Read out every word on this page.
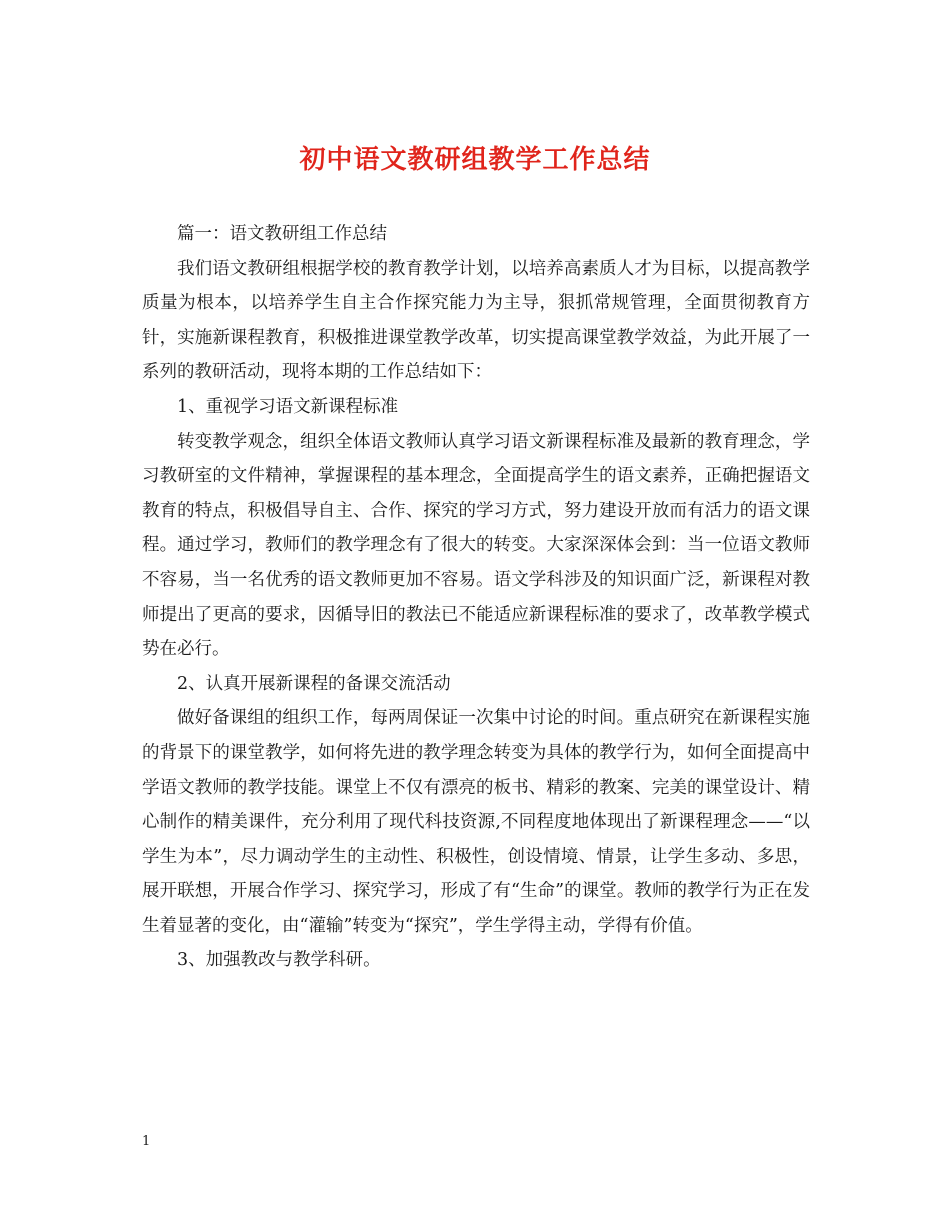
初中语文教研组教学工作总结

篇一：语文教研组工作总结

我们语文教研组根据学校的教育教学计划，以培养高素质人才为目标，以提高教学质量为根本，以培养学生自主合作探究能力为主导，狠抓常规管理，全面贯彻教育方针，实施新课程教育，积极推进课堂教学改革，切实提高课堂教学效益，为此开展了一系列的教研活动，现将本期的工作总结如下：

1、重视学习语文新课程标准

转变教学观念，组织全体语文教师认真学习语文新课程标准及最新的教育理念，学习教研室的文件精神，掌握课程的基本理念，全面提高学生的语文素养，正确把握语文教育的特点，积极倡导自主、合作、探究的学习方式，努力建设开放而有活力的语文课程。通过学习，教师们的教学理念有了很大的转变。大家深深体会到：当一位语文教师不容易，当一名优秀的语文教师更加不容易。语文学科涉及的知识面广泛，新课程对教师提出了更高的要求，因循导旧的教法已不能适应新课程标准的要求了，改革教学模式势在必行。

2、认真开展新课程的备课交流活动

做好备课组的组织工作，每两周保证一次集中讨论的时间。重点研究在新课程实施的背景下的课堂教学，如何将先进的教学理念转变为具体的教学行为，如何全面提高中学语文教师的教学技能。课堂上不仅有漂亮的板书、精彩的教案、完美的课堂设计、精心制作的精美课件，充分利用了现代科技资源,不同程度地体现出了新课程理念——“以学生为本”，尽力调动学生的主动性、积极性，创设情境、情景，让学生多动、多思，展开联想，开展合作学习、探究学习，形成了有“生命”的课堂。教师的教学行为正在发生着显著的变化，由“灌输”转变为“探究”，学生学得主动，学得有价值。

3、加强教改与教学科研。

1
